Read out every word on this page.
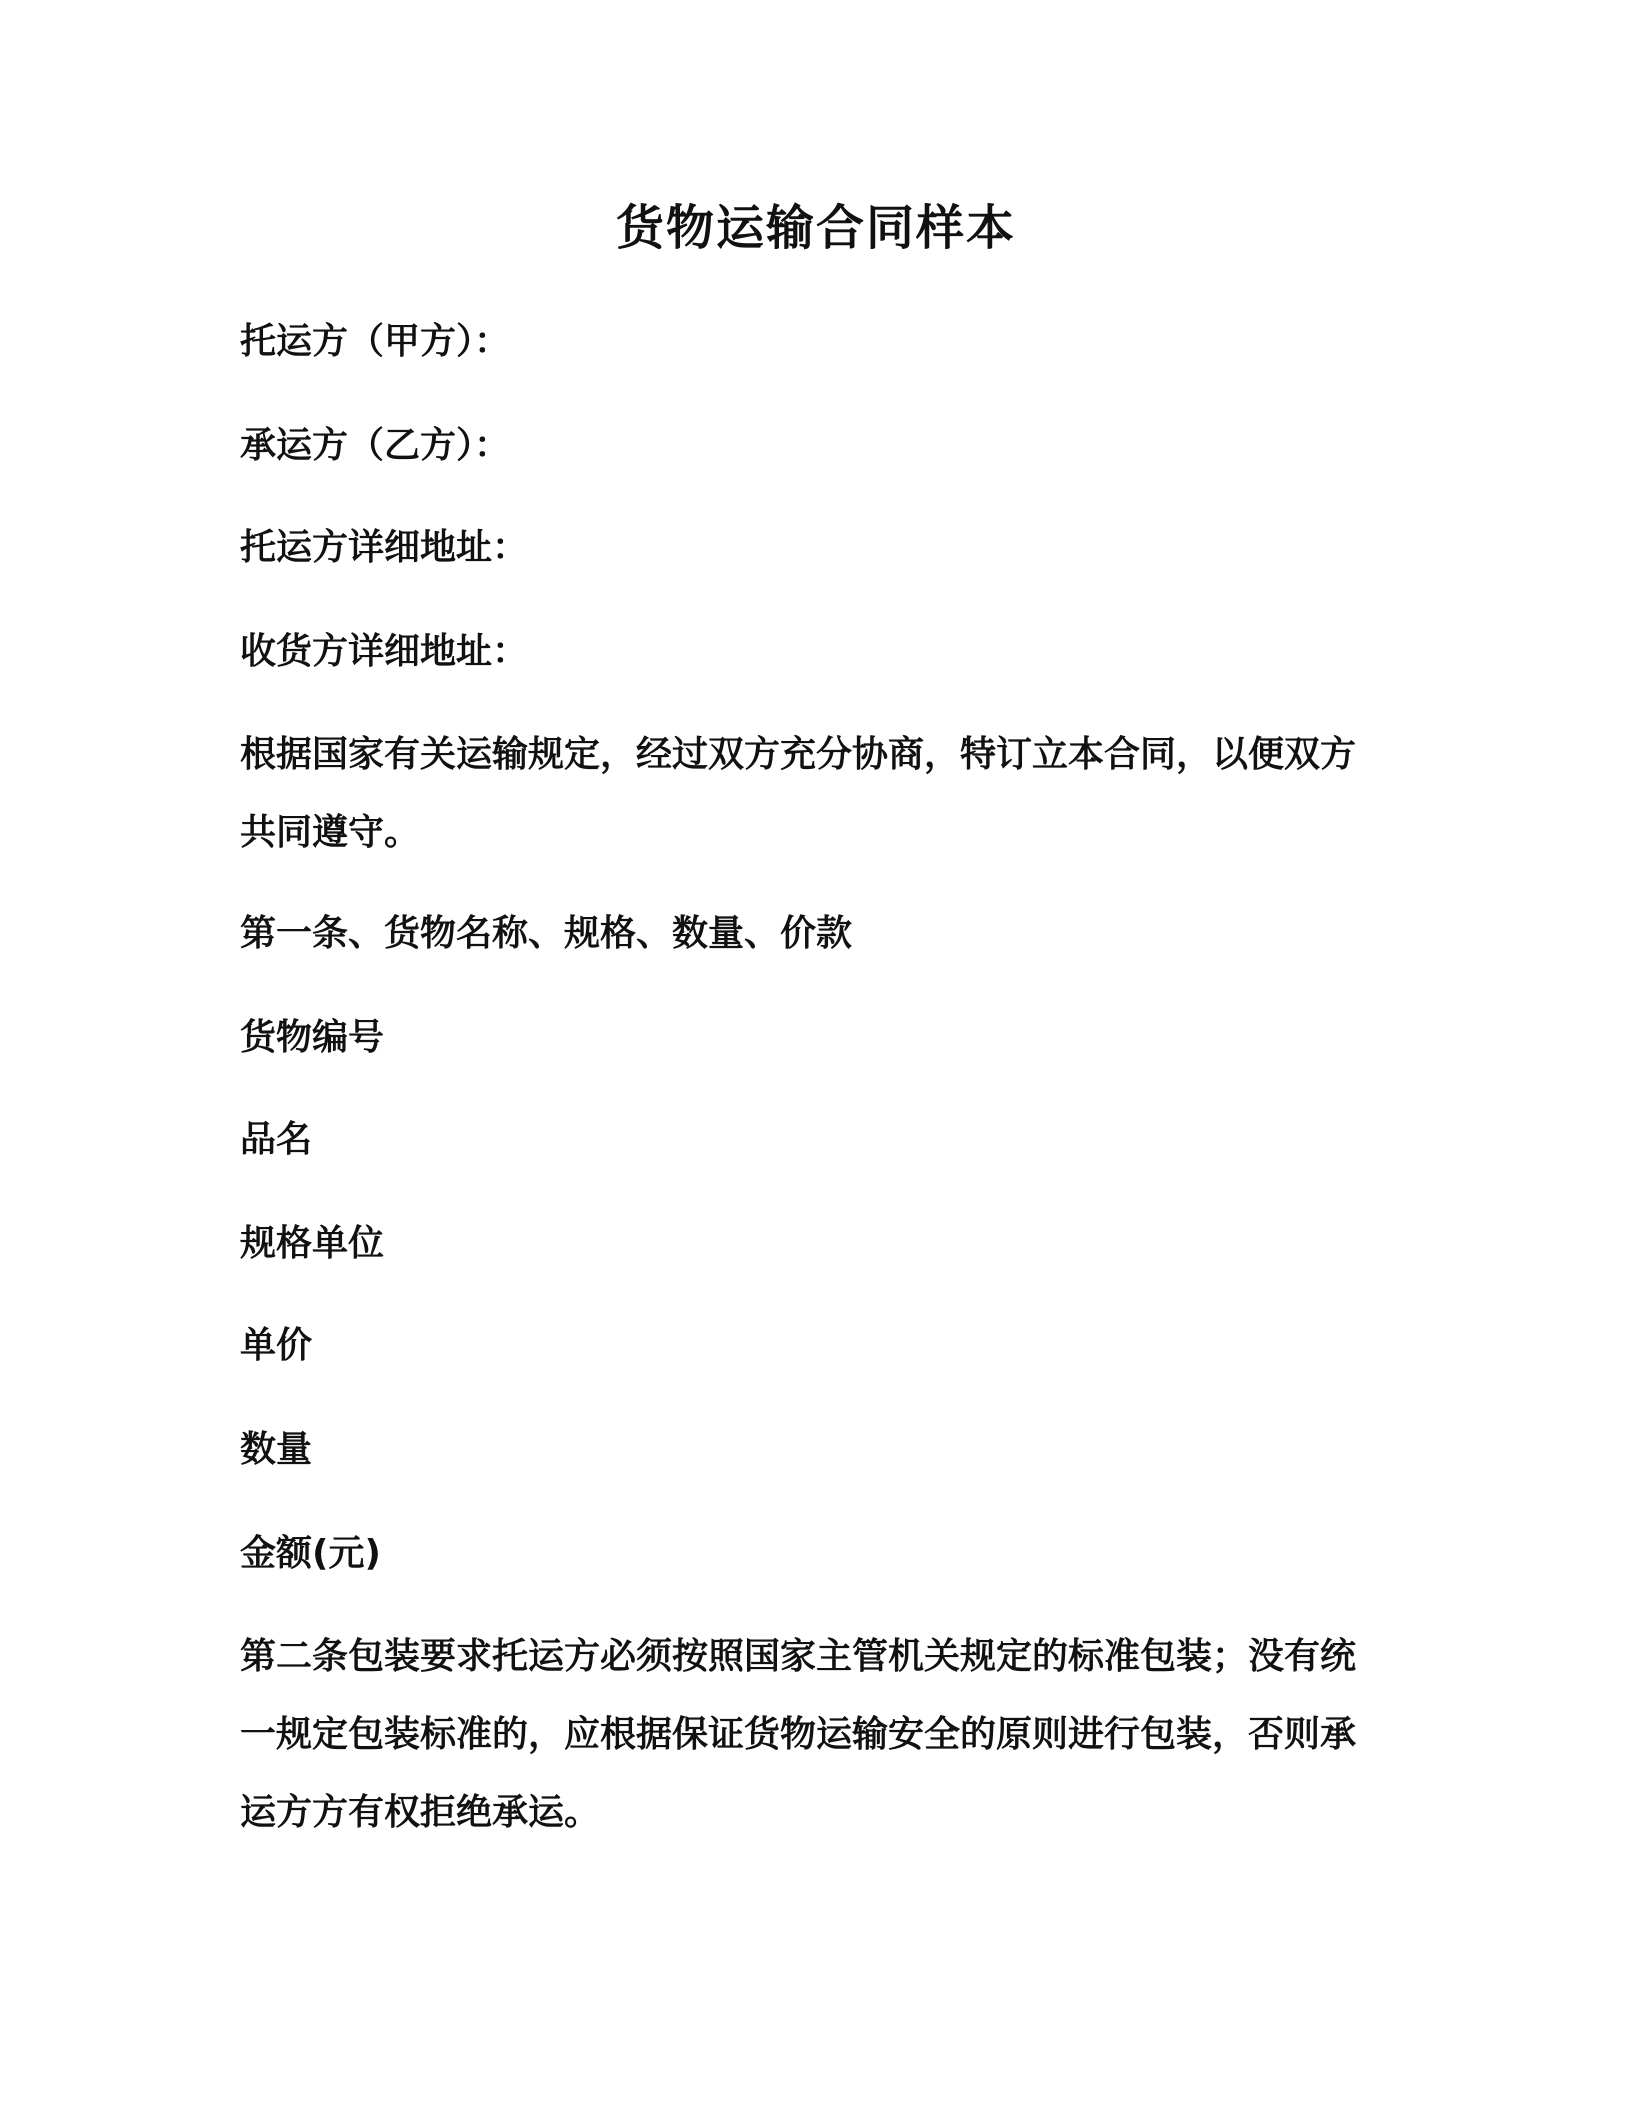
货物运输合同样本
托运方（甲方）：
承运方（乙方）：
托运方详细地址：
收货方详细地址：
根据国家有关运输规定，经过双方充分协商，特订立本合同，以便双方共同遵守。
第一条、货物名称、规格、数量、价款
货物编号
品名
规格单位
单价
数量
金额(元)
第二条包装要求托运方必须按照国家主管机关规定的标准包装；没有统一规定包装标准的，应根据保证货物运输安全的原则进行包装，否则承运方方有权拒绝承运。
